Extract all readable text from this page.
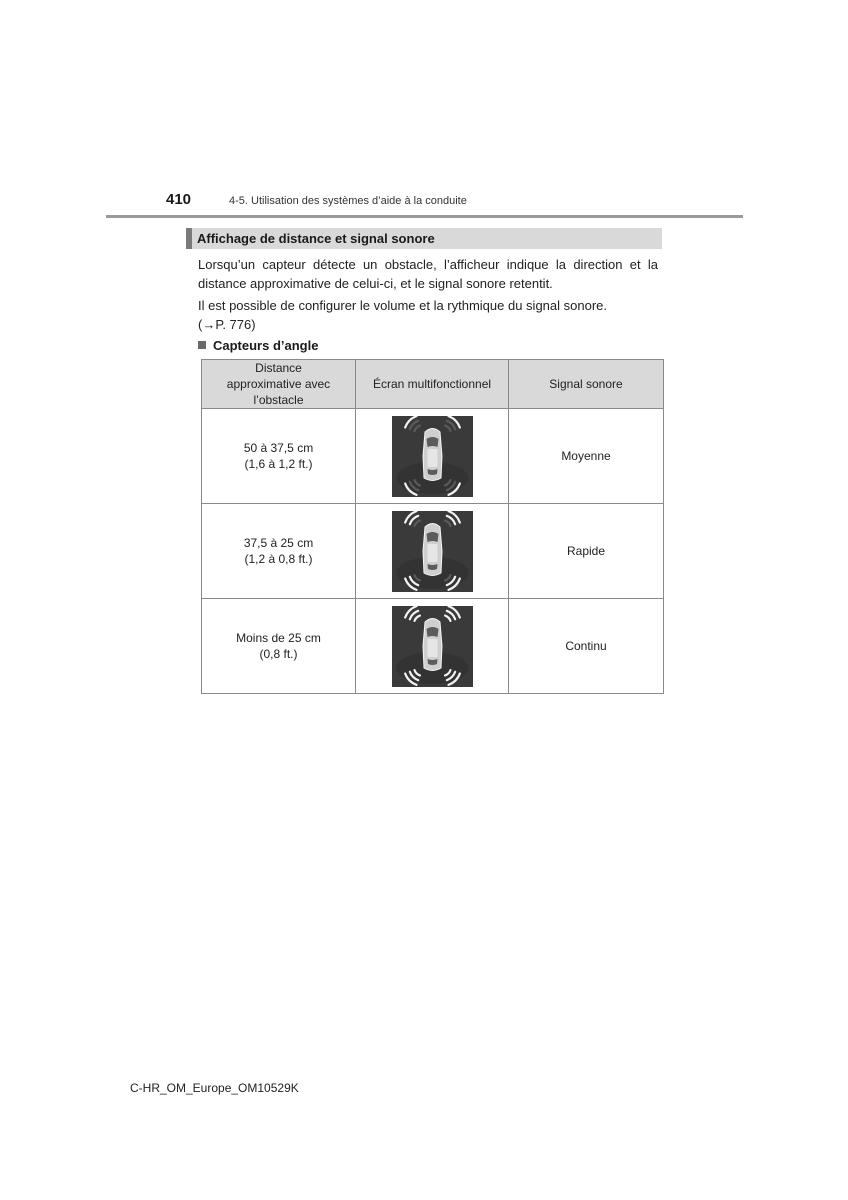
410	4-5. Utilisation des systèmes d’aide à la conduite
Affichage de distance et signal sonore

Lorsqu’un capteur détecte un obstacle, l’afficheur indique la direction et la distance approximative de celui-ci, et le signal sonore retentit.

Il est possible de configurer le volume et la rythmique du signal sonore.

(→P. 776)

Capteurs d’angle
Distance approximative avec l’obstacle	Écran multifonctionnel	Signal sonore

50 à 37,5 cm
(1,6 à 1,2 ft.)		Moyenne

37,5 à 25 cm
(1,2 à 0,8 ft.)		Rapide

Moins de 25 cm
(0,8 ft.)		Continu
C-HR_OM_Europe_OM10529K
